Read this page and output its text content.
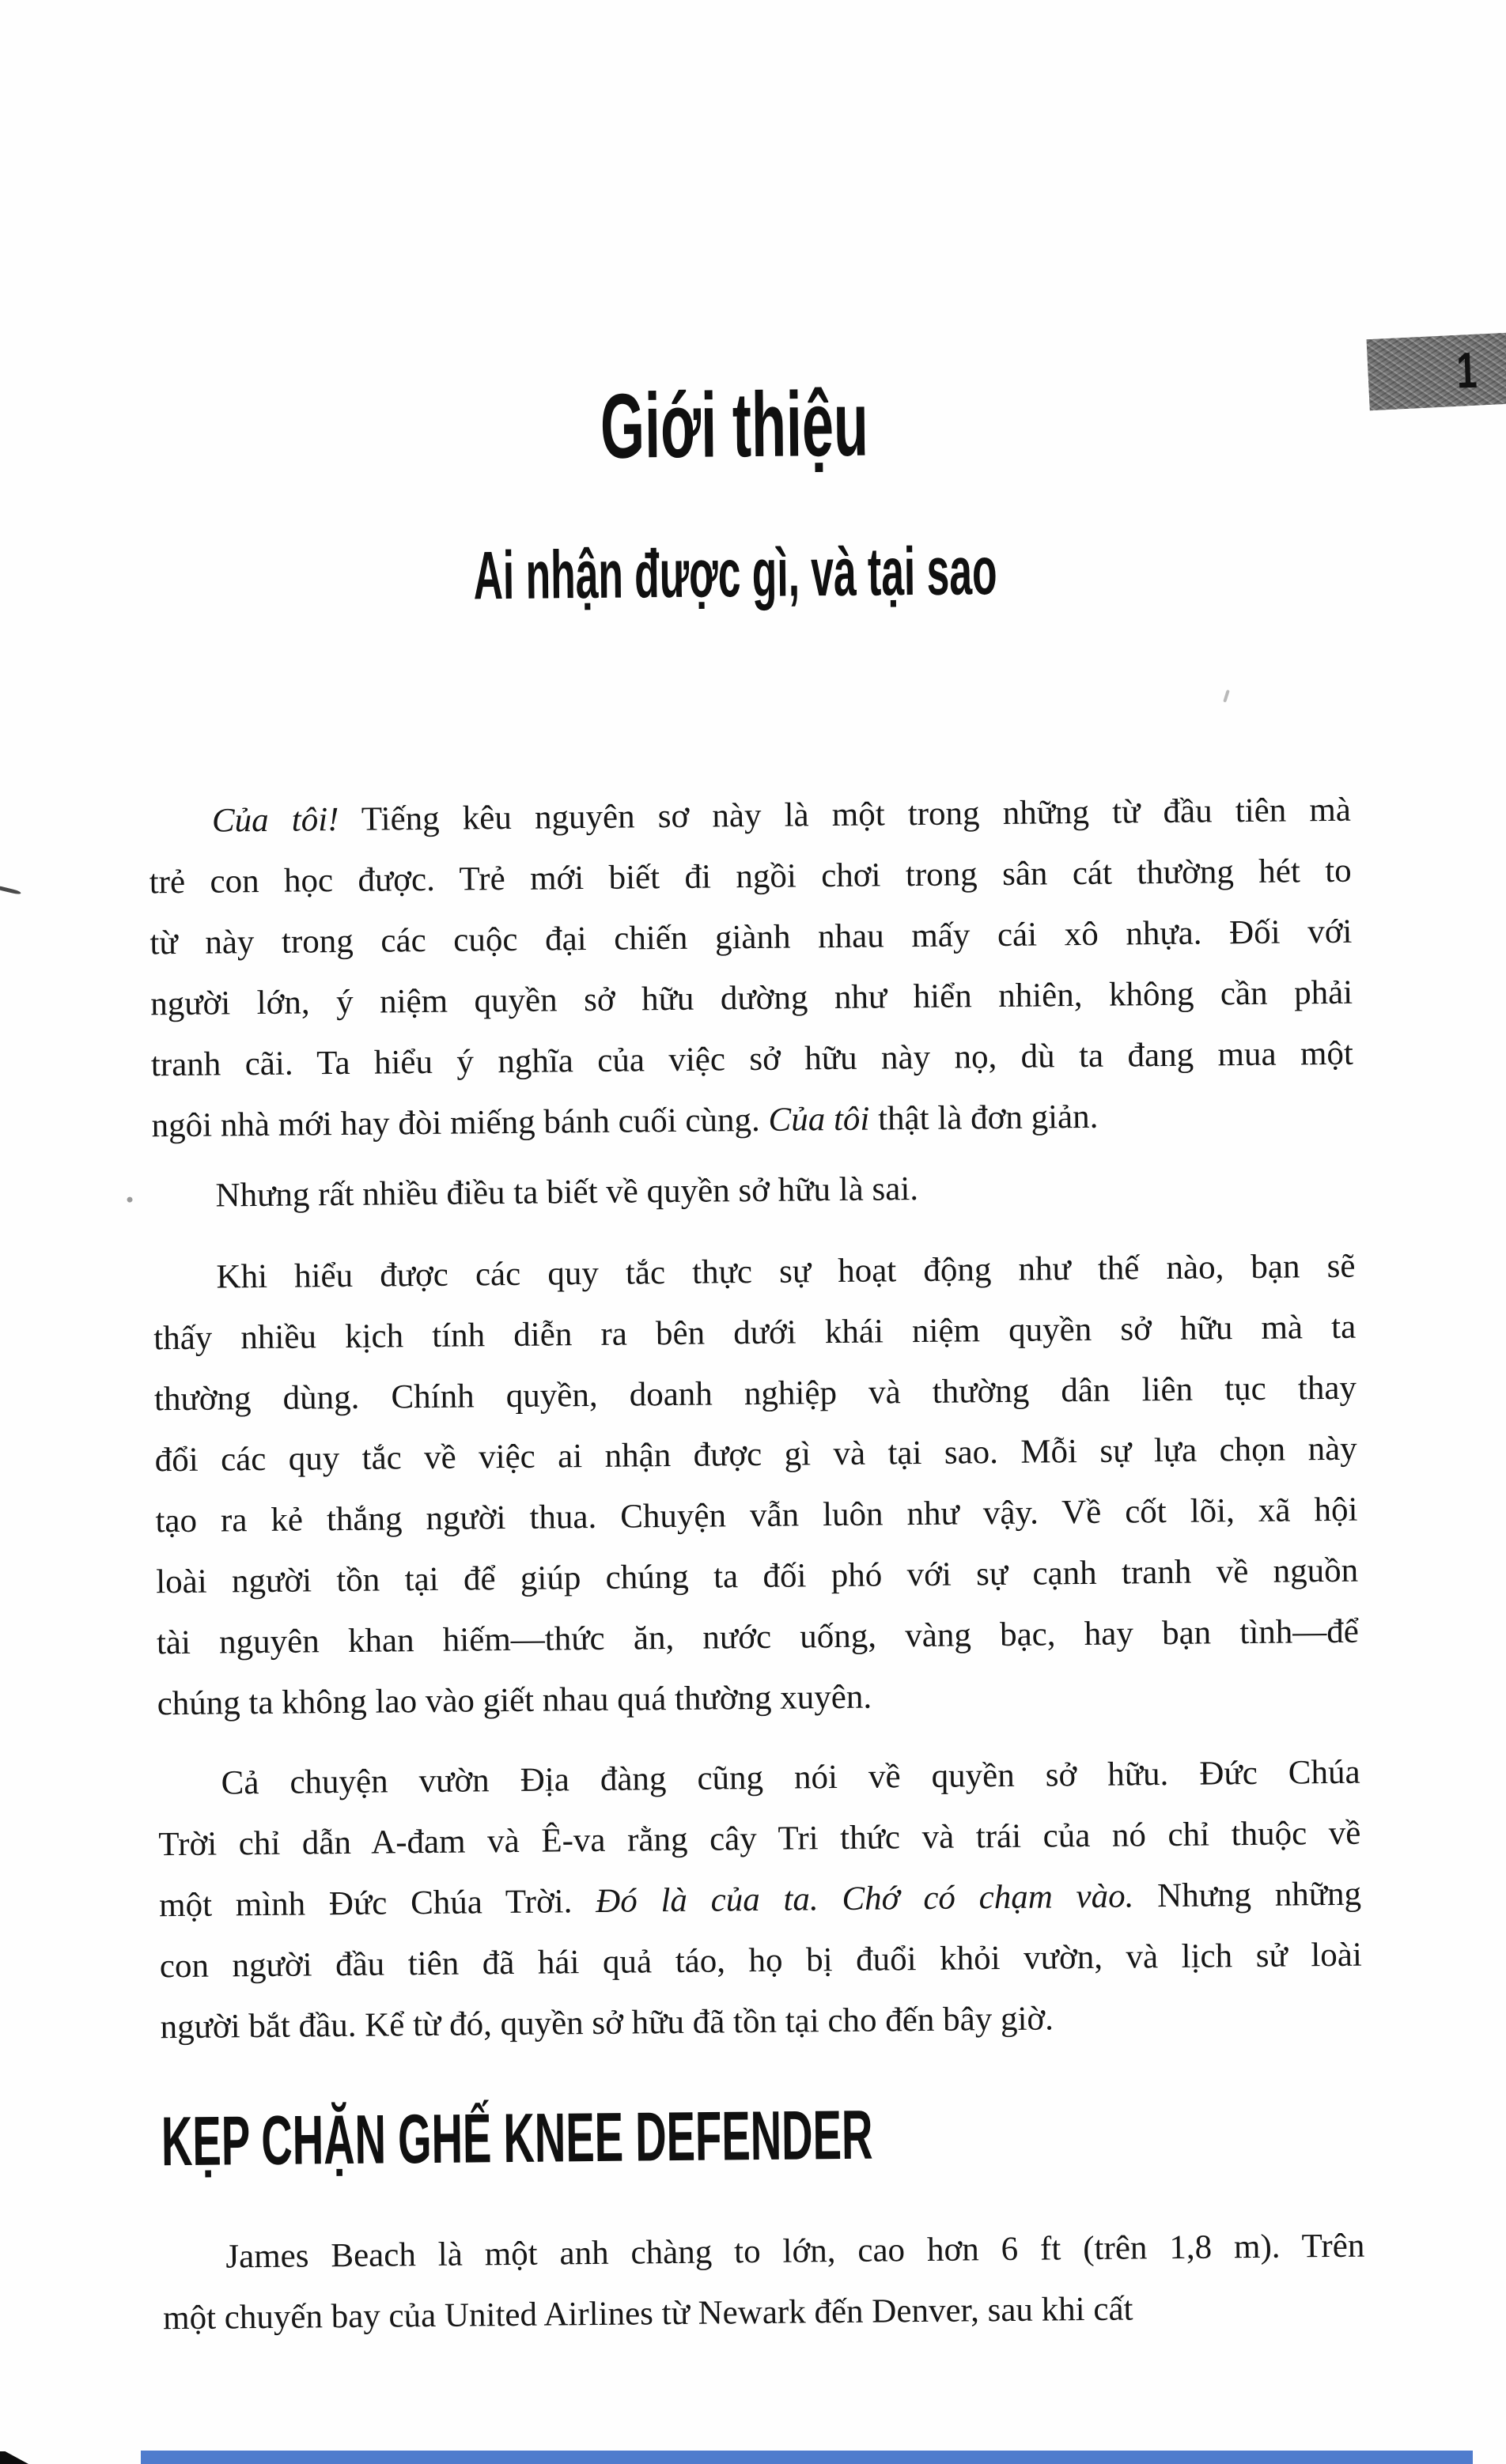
1
Giới thiệu
Ai nhận được gì, và tại sao
Của tôi! Tiếng kêu nguyên sơ này là một trong những từ đầu tiên mà
trẻ con học được. Trẻ mới biết đi ngồi chơi trong sân cát thường hét to
từ này trong các cuộc đại chiến giành nhau mấy cái xô nhựa. Đối với
người lớn, ý niệm quyền sở hữu dường như hiển nhiên, không cần phải
tranh cãi. Ta hiểu ý nghĩa của việc sở hữu này nọ, dù ta đang mua một
ngôi nhà mới hay đòi miếng bánh cuối cùng. Của tôi thật là đơn giản.
Nhưng rất nhiều điều ta biết về quyền sở hữu là sai.
Khi hiểu được các quy tắc thực sự hoạt động như thế nào, bạn sẽ
thấy nhiều kịch tính diễn ra bên dưới khái niệm quyền sở hữu mà ta
thường dùng. Chính quyền, doanh nghiệp và thường dân liên tục thay
đổi các quy tắc về việc ai nhận được gì và tại sao. Mỗi sự lựa chọn này
tạo ra kẻ thắng người thua. Chuyện vẫn luôn như vậy. Về cốt lõi, xã hội
loài người tồn tại để giúp chúng ta đối phó với sự cạnh tranh về nguồn
tài nguyên khan hiếm—thức ăn, nước uống, vàng bạc, hay bạn tình—để
chúng ta không lao vào giết nhau quá thường xuyên.
Cả chuyện vườn Địa đàng cũng nói về quyền sở hữu. Đức Chúa
Trời chỉ dẫn A-đam và Ê-va rằng cây Tri thức và trái của nó chỉ thuộc về
một mình Đức Chúa Trời. Đó là của ta. Chớ có chạm vào. Nhưng những
con người đầu tiên đã hái quả táo, họ bị đuổi khỏi vườn, và lịch sử loài
người bắt đầu. Kể từ đó, quyền sở hữu đã tồn tại cho đến bây giờ.
KẸP CHẶN GHẾ KNEE DEFENDER
James Beach là một anh chàng to lớn, cao hơn 6 ft (trên 1,8 m). Trên
một chuyến bay của United Airlines từ Newark đến Denver, sau khi cất
